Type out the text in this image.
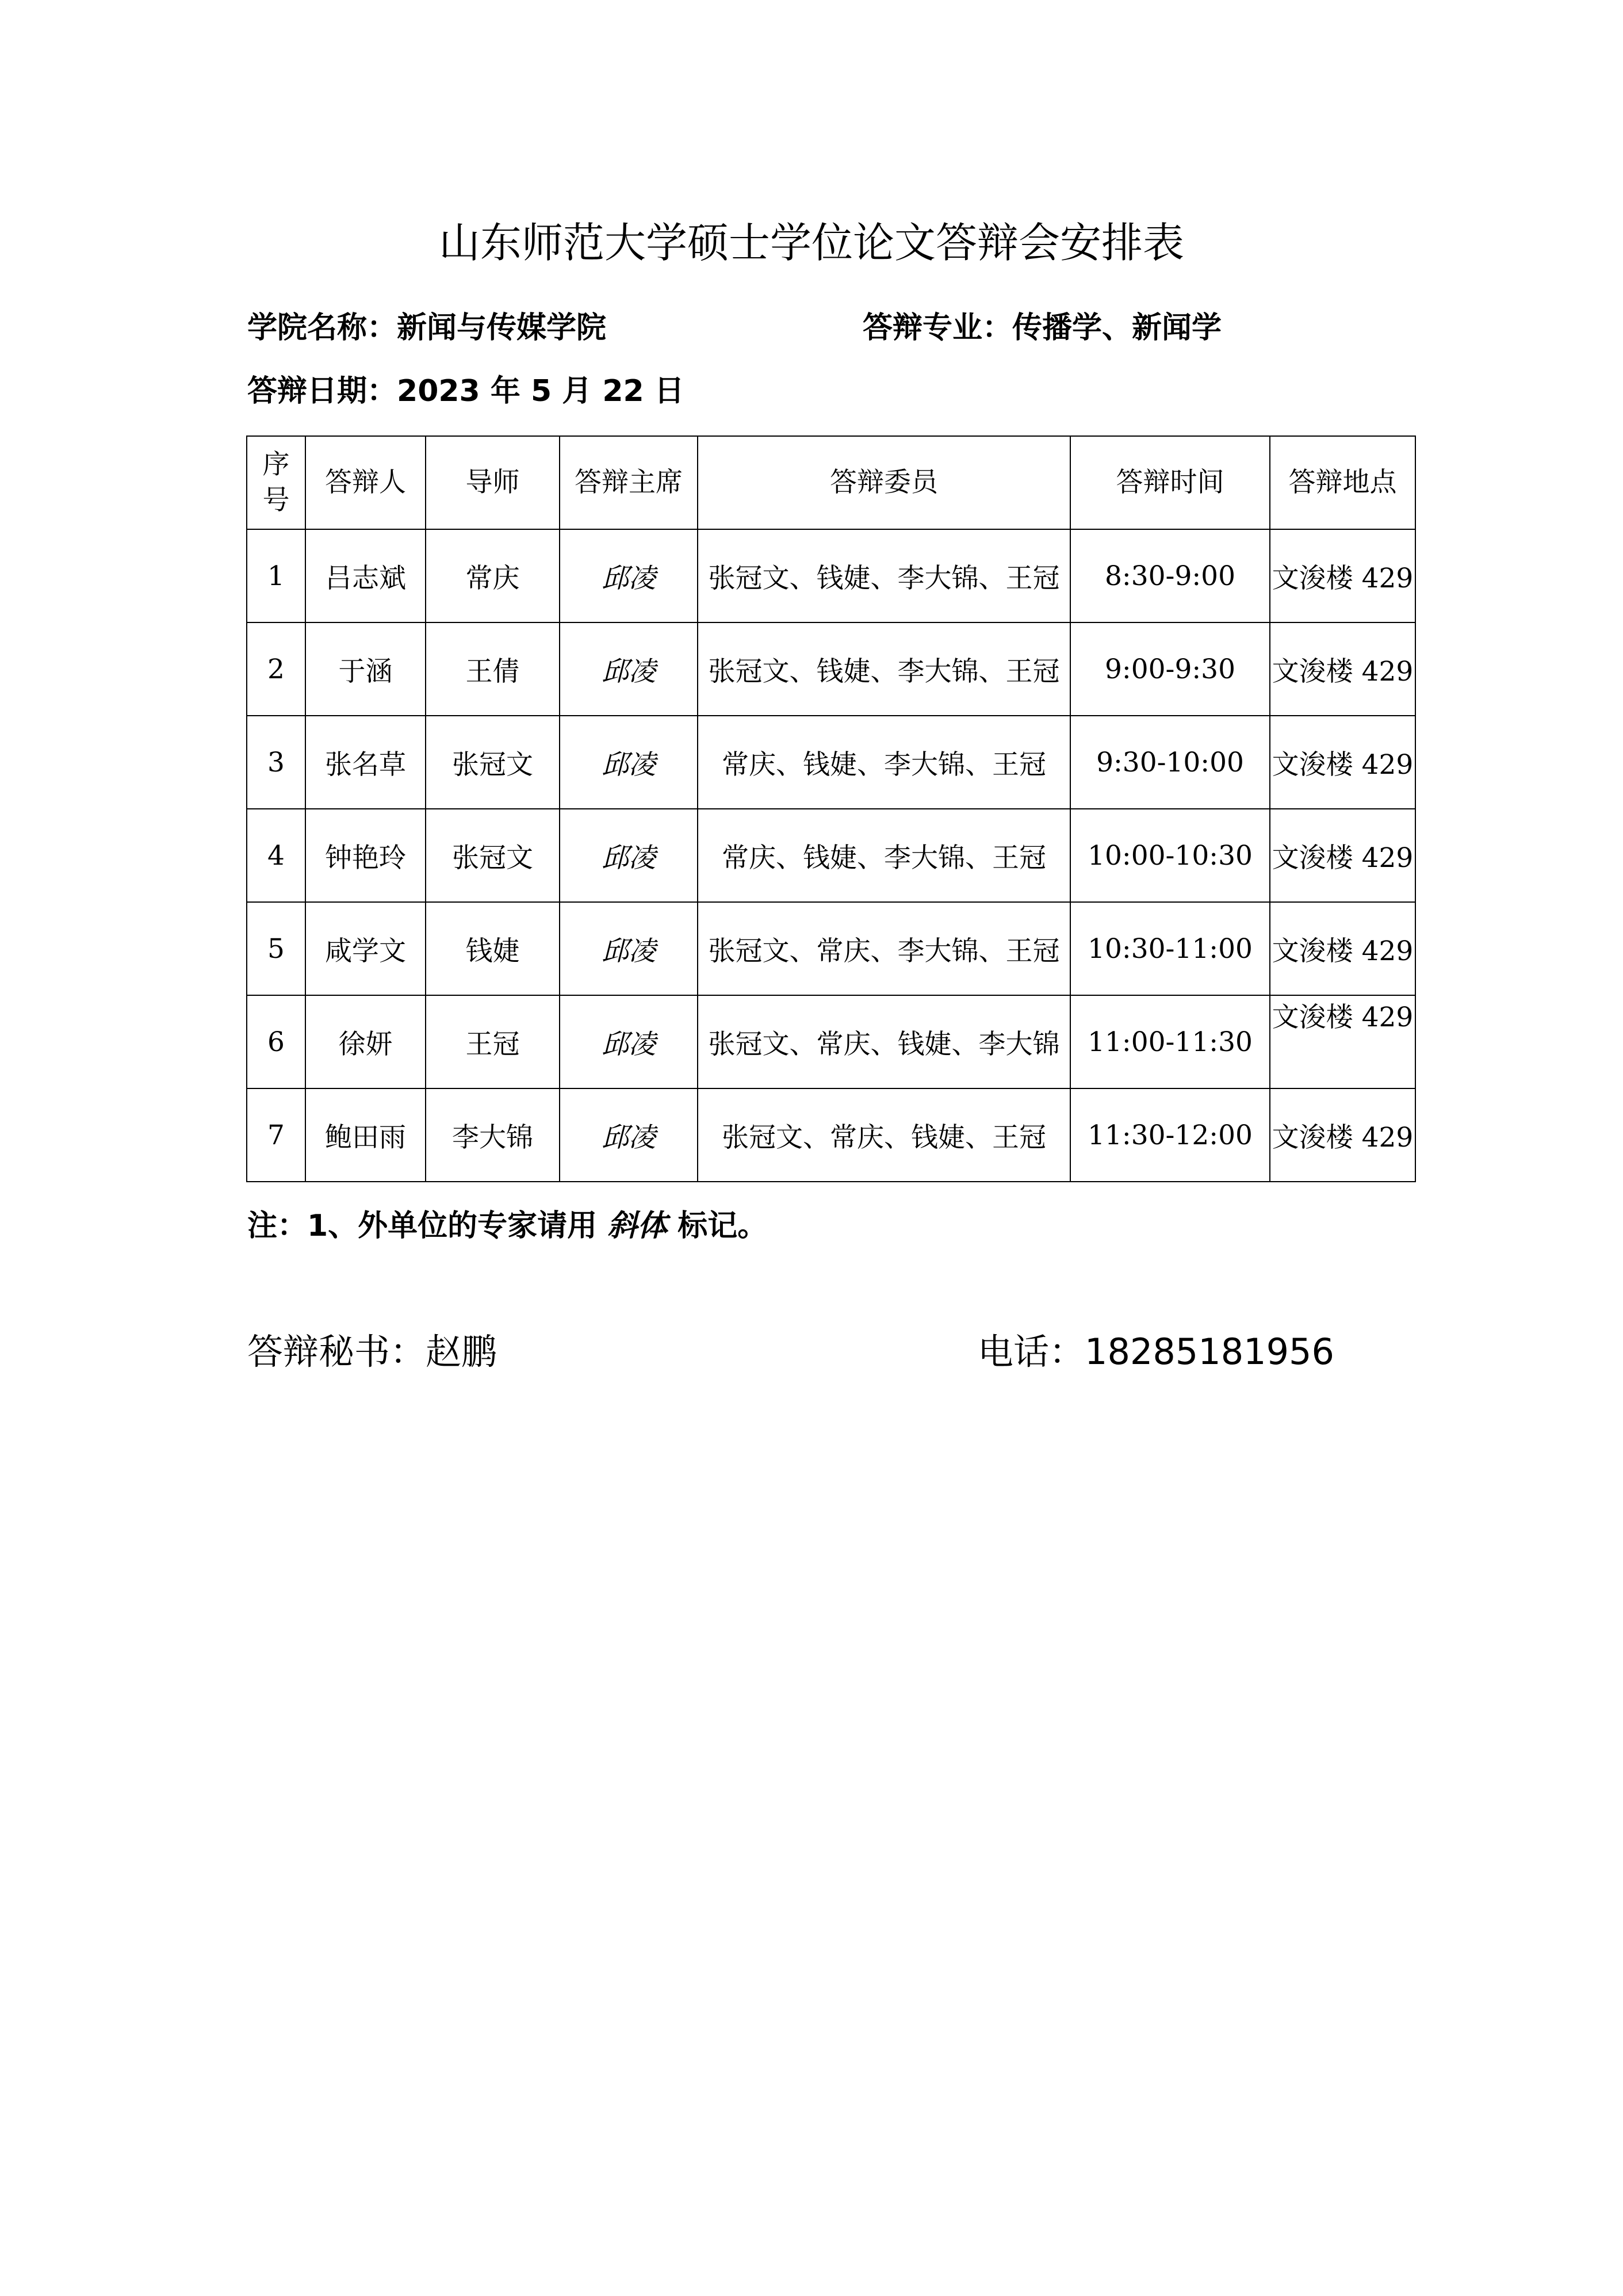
山东师范大学硕士学位论文答辩会安排表
学院名称：新闻与传媒学院	答辩专业：传播学、新闻学
答辩日期：2023 年 5 月 22 日
序
号	答辩人	导师	答辩主席	答辩委员	答辩时间	答辩地点
1	吕志斌	常庆	邱凌	张冠文、钱婕、李大锦、王冠	8:30-9:00	文浚楼 429
2	于涵	王倩	邱凌	张冠文、钱婕、李大锦、王冠	9:00-9:30	文浚楼 429
3	张名草	张冠文	邱凌	常庆、钱婕、李大锦、王冠	9:30-10:00	文浚楼 429
4	钟艳玲	张冠文	邱凌	常庆、钱婕、李大锦、王冠	10:00-10:30	文浚楼 429
5	咸学文	钱婕	邱凌	张冠文、常庆、李大锦、王冠	10:30-11:00	文浚楼 429
6	徐妍	王冠	邱凌	张冠文、常庆、钱婕、李大锦	11:00-11:30	文浚楼 429
7	鲍田雨	李大锦	邱凌	张冠文、常庆、钱婕、王冠	11:30-12:00	文浚楼 429
注：1、外单位的专家请用 斜体 标记。
答辩秘书：赵鹏	电话：18285181956
